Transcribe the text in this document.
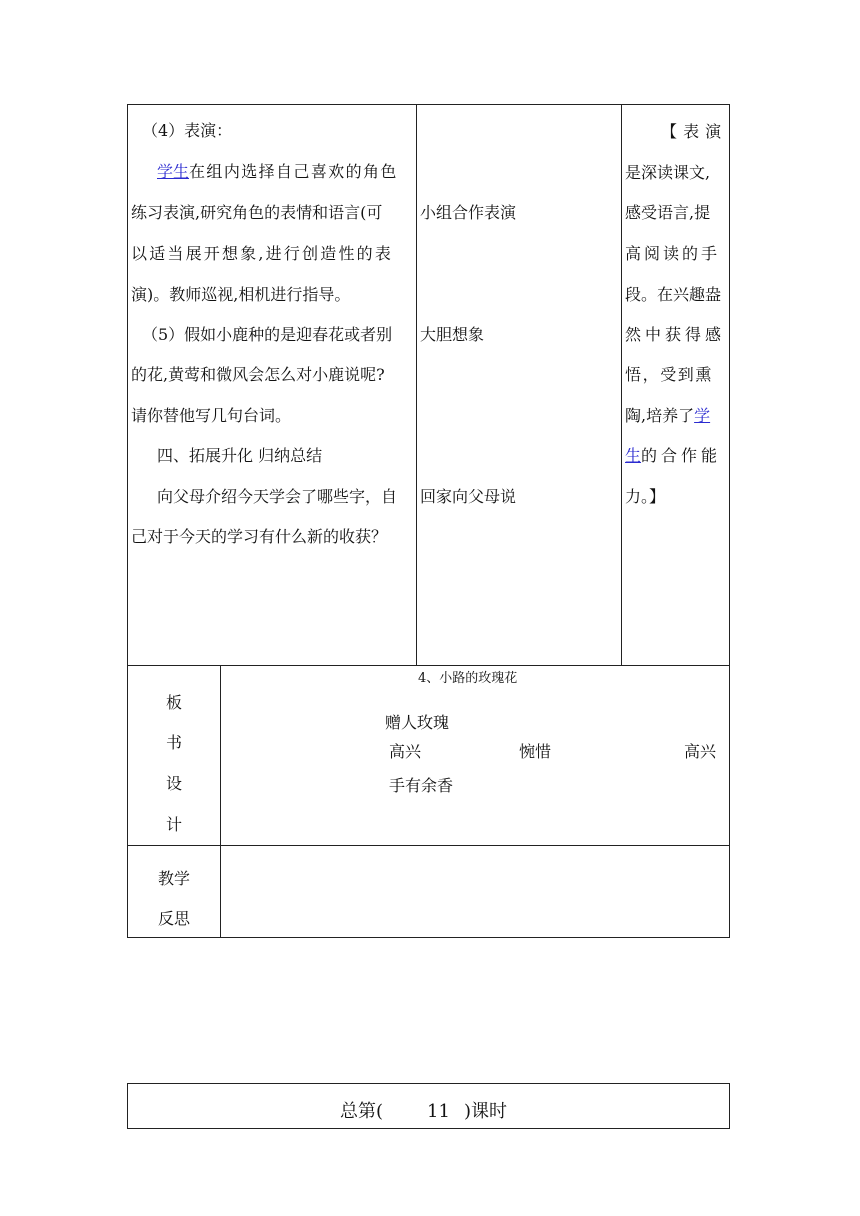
（4）表演：
学生在组内选择自己喜欢的角色
练习表演,研究角色的表情和语言(可
以适当展开想象,进行创造性的表
演)。教师巡视,相机进行指导。
（5）假如小鹿种的是迎春花或者别
的花,黄莺和微风会怎么对小鹿说呢?
请你替他写几句台词。
四、拓展升化 归纳总结
向父母介绍今天学会了哪些字，自
己对于今天的学习有什么新的收获？
小组合作表演
大胆想象
回家向父母说
【 表 演
是深读课文,
感受语言,提
高阅读的手
段。在兴趣盎
然中获得感
悟，受到熏
陶,培养了学
生的合作能
力。】
板
书
设
计
4、小路的玫瑰花
赠人玫瑰
高兴	惋惜	高兴
手有余香
教学
反思
总第( 11 )课时
